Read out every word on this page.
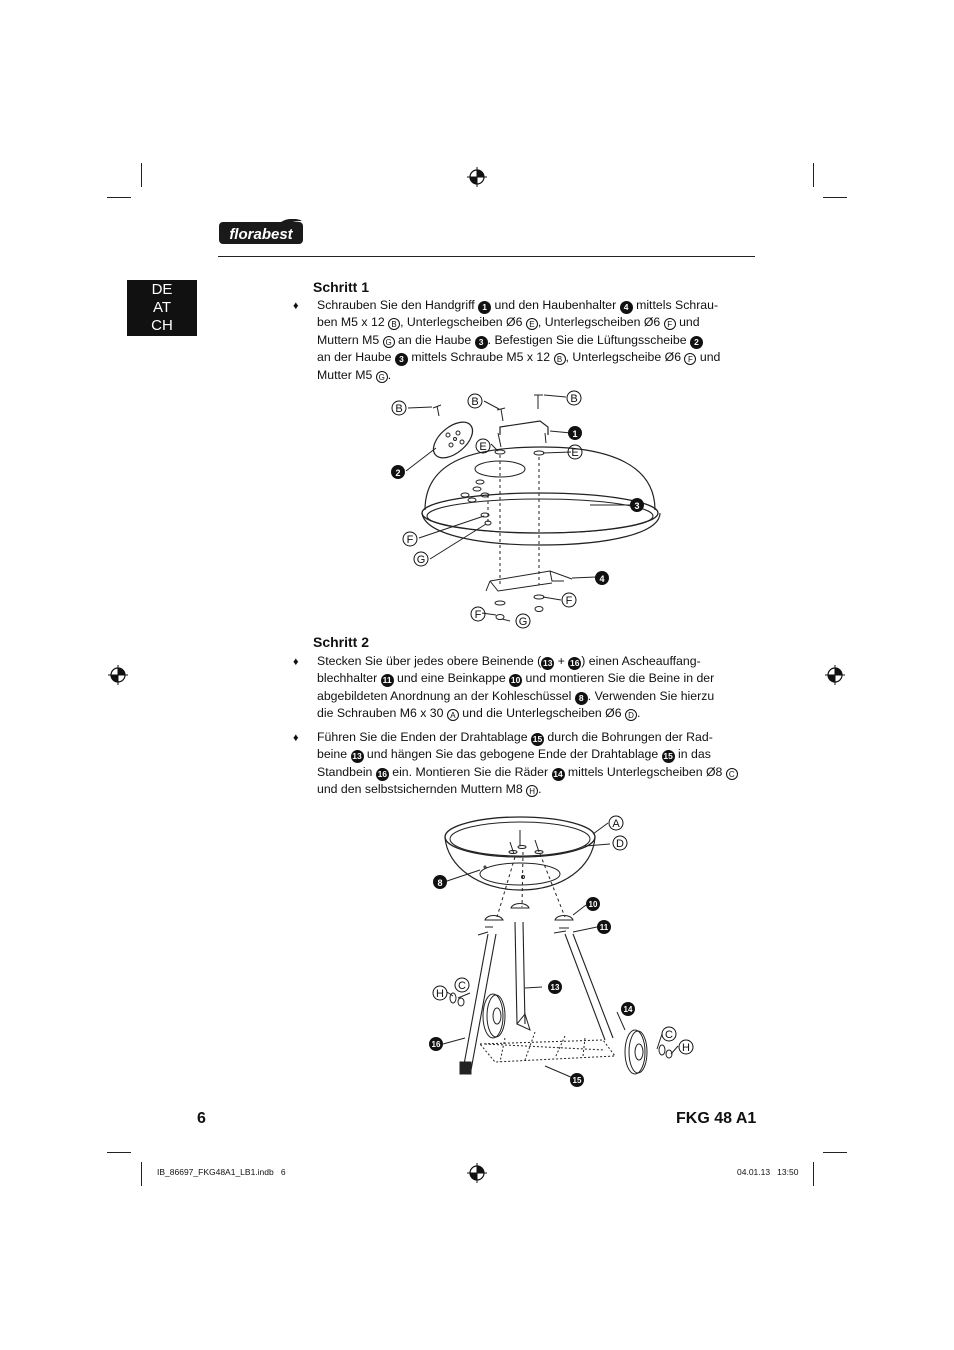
florabest
DE
AT
CH
Schritt 1
♦ Schrauben Sie den Handgriff 1 und den Haubenhalter 4 mittels Schrau-
ben M5 x 12 B , Unterlegscheiben Ø6 E , Unterlegscheiben Ø6 F und
Muttern M5 G an die Haube 3 . Befestigen Sie die Lüftungsscheibe 2
an der Haube 3 mittels Schraube M5 x 12 B , Unterlegscheibe Ø6 F und
Mutter M5 G .

B
B	B
E	E
1
2
3
4
F
G
F
F
G
Schritt 2
♦ Stecken Sie über jedes obere Beinende ( 13 + 16 ) einen Ascheauffang-
blechhalter 11 und eine Beinkappe 10 und montieren Sie die Beine in der
abgebildeten Anordnung an der Kohleschüssel 8 . Verwenden Sie hierzu
die Schrauben M6 x 30 A und die Unterlegscheiben Ø6 D .

♦ Führen Sie die Enden der Drahtablage 15 durch die Bohrungen der Rad-
beine 13 und hängen Sie das gebogene Ende der Drahtablage 15 in das
Standbein 16 ein. Montieren Sie die Räder 14 mittels Unterlegscheiben Ø8 C
und den selbstsichernden Muttern M8 H .

A
D
8
10
11
13
14
15
16
C
H
C
H
6	FKG 48 A1
IB_86697_FKG48A1_LB1.indb   6	04.01.13   13:50
